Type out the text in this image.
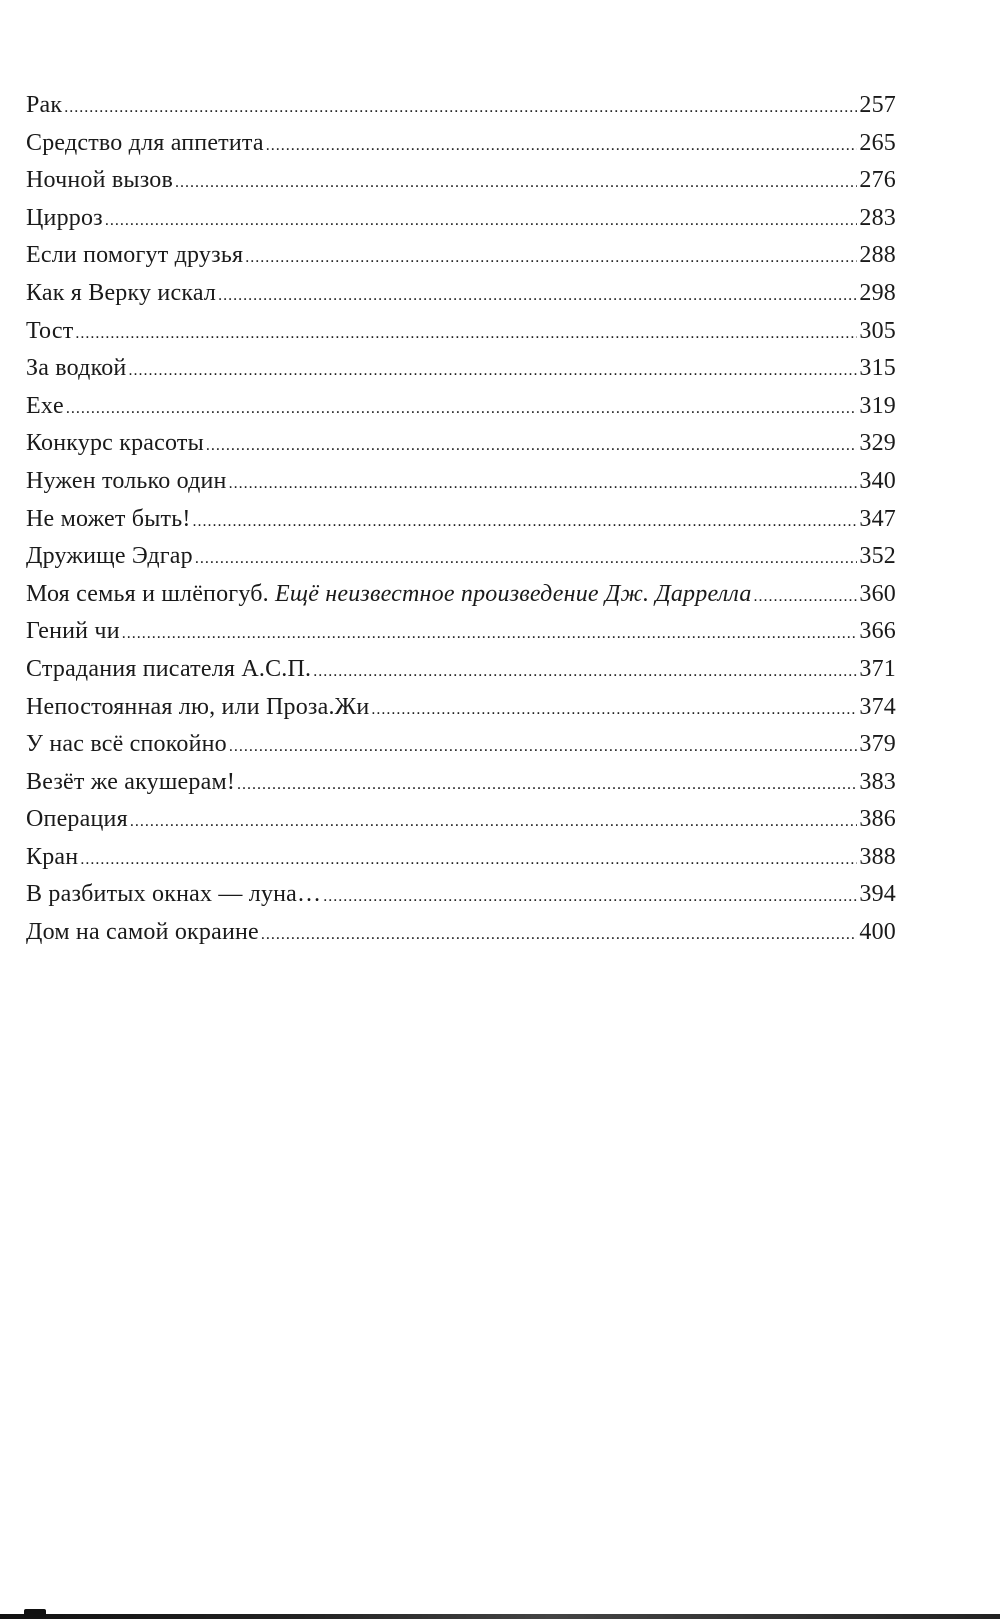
Рак .....	257
Средство для аппетита .....	265
Ночной вызов .....	276
Цирроз .....	283
Если помогут друзья .....	288
Как я Верку искал .....	298
Тост .....	305
За водкой .....	315
Exe .....	319
Конкурс красоты .....	329
Нужен только один .....	340
Не может быть! .....	347
Дружище Эдгар .....	352
Моя семья и шлёпогуб. Ещё неизвестное произведение Дж. Даррелла .....	360
Гений чи .....	366
Страдания писателя А.С.П. .....	371
Непостоянная лю, или Проза.Жи .....	374
У нас всё спокойно .....	379
Везёт же акушерам! .....	383
Операция .....	386
Кран .....	388
В разбитых окнах — луна… .....	394
Дом на самой окраине .....	400
